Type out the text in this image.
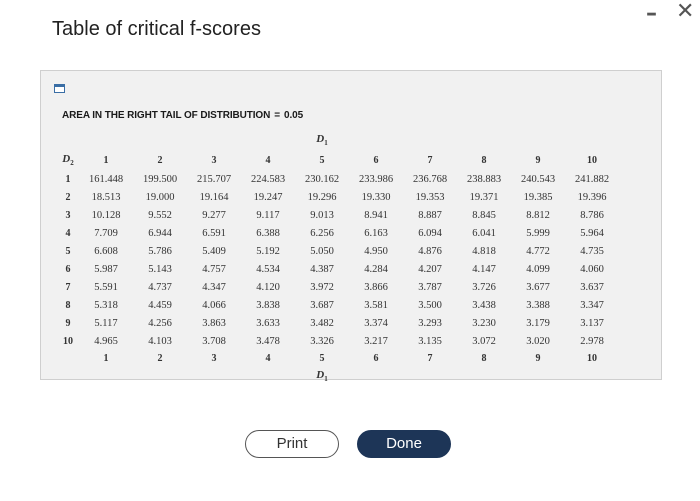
Table of critical f-scores
– ✕
AREA IN THE RIGHT TAIL OF DISTRIBUTION = 0.05
					$D_1$					
$D_2$	1	2	3	4	5	6	7	8	9	10
1	161.448	199.500	215.707	224.583	230.162	233.986	236.768	238.883	240.543	241.882
2	18.513	19.000	19.164	19.247	19.296	19.330	19.353	19.371	19.385	19.396
3	10.128	9.552	9.277	9.117	9.013	8.941	8.887	8.845	8.812	8.786
4	7.709	6.944	6.591	6.388	6.256	6.163	6.094	6.041	5.999	5.964
5	6.608	5.786	5.409	5.192	5.050	4.950	4.876	4.818	4.772	4.735
6	5.987	5.143	4.757	4.534	4.387	4.284	4.207	4.147	4.099	4.060
7	5.591	4.737	4.347	4.120	3.972	3.866	3.787	3.726	3.677	3.637
8	5.318	4.459	4.066	3.838	3.687	3.581	3.500	3.438	3.388	3.347
9	5.117	4.256	3.863	3.633	3.482	3.374	3.293	3.230	3.179	3.137
10	4.965	4.103	3.708	3.478	3.326	3.217	3.135	3.072	3.020	2.978
	1	2	3	4	5	6	7	8	9	10
					$D_1$					
Print	Done
